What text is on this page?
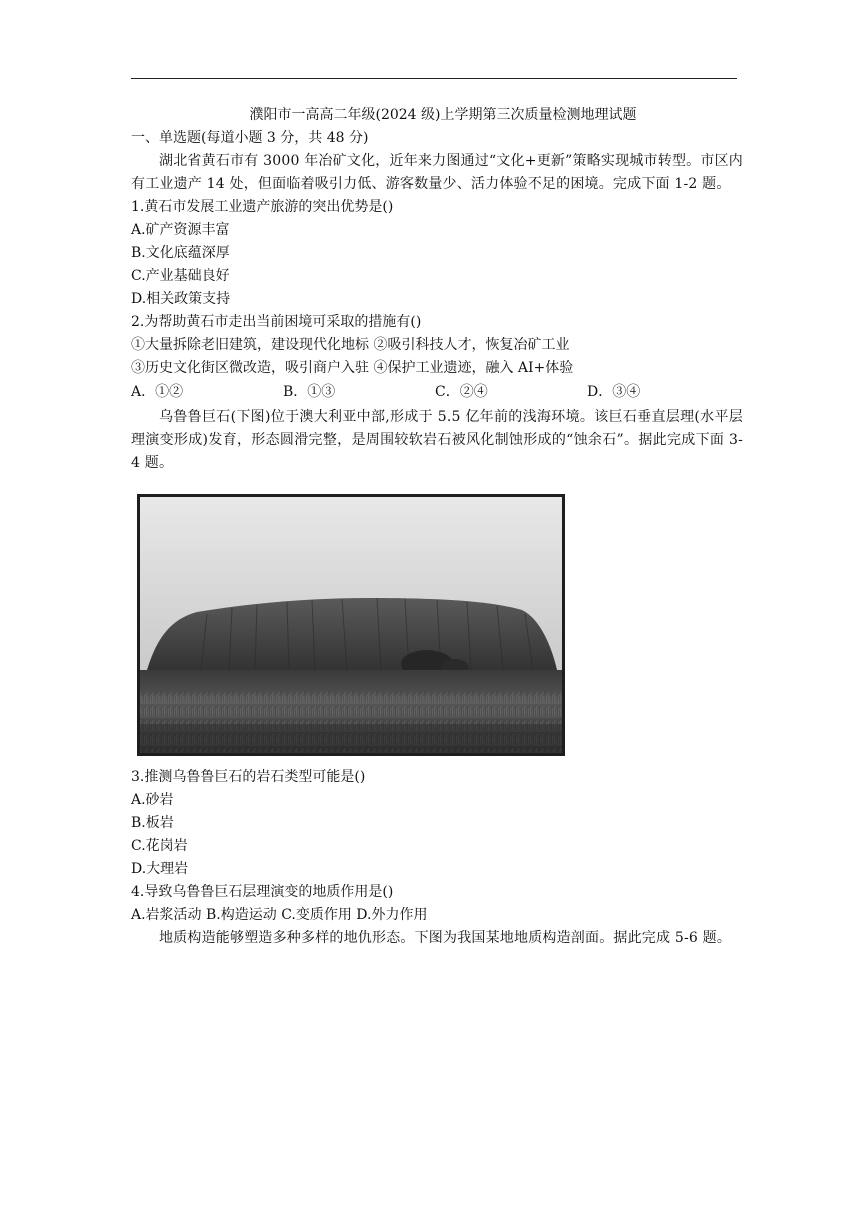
濮阳市一高高二年级(2024 级)上学期第三次质量检测地理试题

一、单选题(每道小题 3 分，共 48 分)

湖北省黄石市有 3000 年冶矿文化，近年来力图通过“文化+更新”策略实现城市转型。市区内有工业遗产 14 处，但面临着吸引力低、游客数量少、活力体验不足的困境。完成下面 1-2 题。

1.黄石市发展工业遗产旅游的突出优势是()

A.矿产资源丰富

B.文化底蕴深厚

C.产业基础良好

D.相关政策支持

2.为帮助黄石市走出当前困境可采取的措施有()

①大量拆除老旧建筑，建设现代化地标 ②吸引科技人才，恢复冶矿工业

③历史文化街区微改造，吸引商户入驻 ④保护工业遗迹，融入 AI+体验

A．①②	B．①③	C．②④	D．③④

乌鲁鲁巨石(下图)位于澳大利亚中部,形成于 5.5 亿年前的浅海环境。该巨石垂直层理(水平层理演变形成)发育，形态圆滑完整，是周围较软岩石被风化制蚀形成的“蚀余石”。据此完成下面 3-4 题。

3.推测乌鲁鲁巨石的岩石类型可能是()

A.砂岩

B.板岩

C.花岗岩

D.大理岩

4.导致乌鲁鲁巨石层理演变的地质作用是()

A.岩浆活动 B.构造运动 C.变质作用 D.外力作用

地质构造能够塑造多种多样的地仇形态。下图为我国某地地质构造剖面。据此完成 5-6 题。
